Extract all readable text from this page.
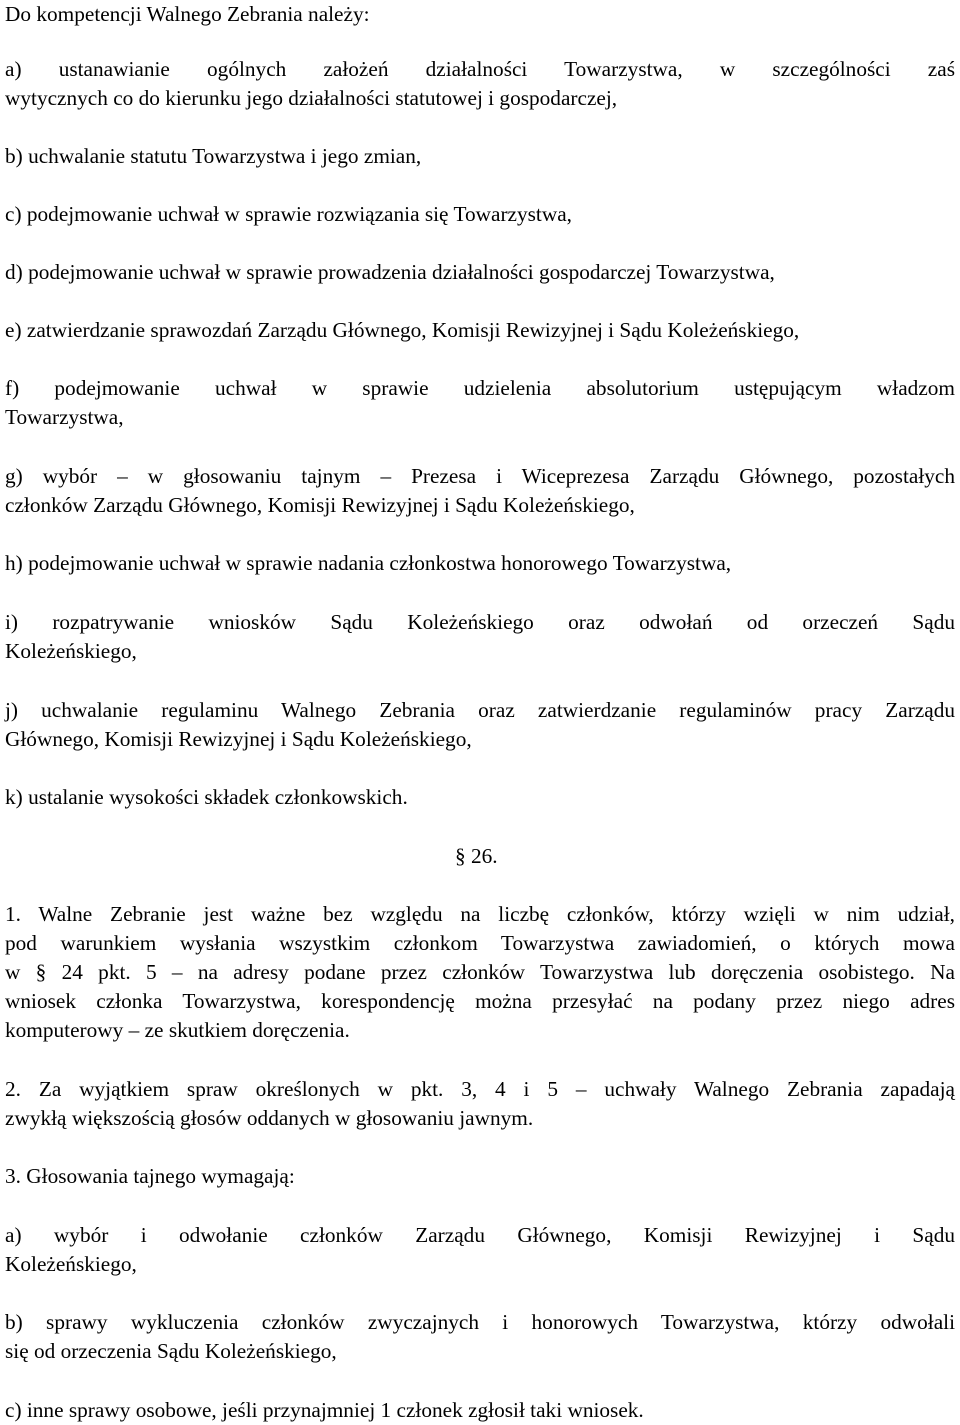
Do kompetencji Walnego Zebrania należy:
a) ustanawianie ogólnych założeń działalności Towarzystwa, w szczególności zaś
wytycznych co do kierunku jego działalności statutowej i gospodarczej,
b) uchwalanie statutu Towarzystwa i jego zmian,
c) podejmowanie uchwał w sprawie rozwiązania się Towarzystwa,
d) podejmowanie uchwał w sprawie prowadzenia działalności gospodarczej Towarzystwa,
e) zatwierdzanie sprawozdań Zarządu Głównego, Komisji Rewizyjnej i Sądu Koleżeńskiego,
f) podejmowanie uchwał w sprawie udzielenia absolutorium ustępującym władzom
Towarzystwa,
g) wybór – w głosowaniu tajnym – Prezesa i Wiceprezesa Zarządu Głównego, pozostałych
członków Zarządu Głównego, Komisji Rewizyjnej i Sądu Koleżeńskiego,
h) podejmowanie uchwał w sprawie nadania członkostwa honorowego Towarzystwa,
i) rozpatrywanie wniosków Sądu Koleżeńskiego oraz odwołań od orzeczeń Sądu
Koleżeńskiego,
j) uchwalanie regulaminu Walnego Zebrania oraz zatwierdzanie regulaminów pracy Zarządu
Głównego, Komisji Rewizyjnej i Sądu Koleżeńskiego,
k) ustalanie wysokości składek członkowskich.
§ 26.
1. Walne Zebranie jest ważne bez względu na liczbę członków, którzy wzięli w nim udział,
pod warunkiem wysłania wszystkim członkom Towarzystwa zawiadomień, o których mowa
w § 24 pkt. 5 – na adresy podane przez członków Towarzystwa lub doręczenia osobistego. Na
wniosek członka Towarzystwa, korespondencję można przesyłać na podany przez niego adres
komputerowy – ze skutkiem doręczenia.
2. Za wyjątkiem spraw określonych w pkt. 3, 4 i 5 – uchwały Walnego Zebrania zapadają
zwykłą większością głosów oddanych w głosowaniu jawnym.
3. Głosowania tajnego wymagają:
a) wybór i odwołanie członków Zarządu Głównego, Komisji Rewizyjnej i Sądu
Koleżeńskiego,
b) sprawy wykluczenia członków zwyczajnych i honorowych Towarzystwa, którzy odwołali
się od orzeczenia Sądu Koleżeńskiego,
c) inne sprawy osobowe, jeśli przynajmniej 1 członek zgłosił taki wniosek.
